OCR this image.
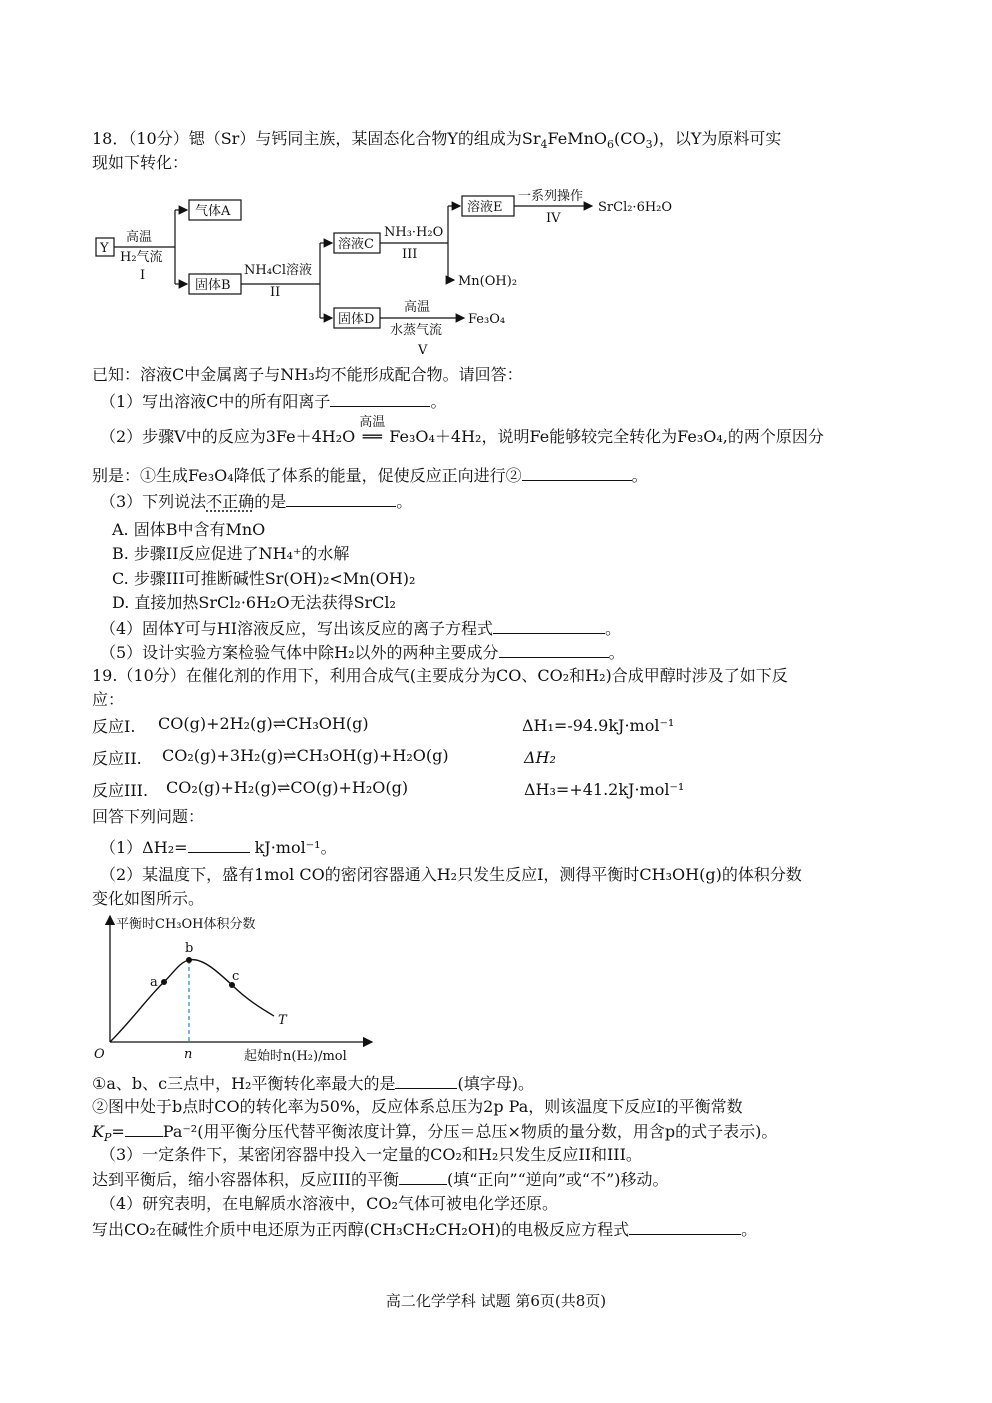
18．（10分）锶（Sr）与钙同主族，某固态化合物Y的组成为$Sr_4FeMnO_6(CO_3)$，以Y为原料可实
现如下转化：
Y
气体A
固体B
溶液C
固体D
溶液E
高温
H₂气流
I	NH₄Cl溶液
II
NH₃·H₂O
III
一系列操作
IV
SrCl₂·6H₂O
Mn(OH)₂
高温
水蒸气流
V
Fe₃O₄
已知：溶液C中金属离子与NH₃均不能形成配合物。请回答：
（1）写出溶液C中的所有阳离子	。
（2）步骤V中的反应为3Fe＋4H₂O
高温
══ Fe₃O₄＋4H₂，说明Fe能够较完全转化为Fe₃O₄,的两个原因分
别是：①生成Fe₃O₄降低了体系的能量，促使反应正向进行②	。
（3）下列说法不正确的是	。
A. 固体B中含有MnO
B. 步骤II反应促进了NH₄⁺的水解
C. 步骤III可推断碱性Sr(OH)₂<Mn(OH)₂
D. 直接加热SrCl₂·6H₂O无法获得SrCl₂
（4）固体Y可与HI溶液反应，写出该反应的离子方程式	。
（5）设计实验方案检验气体中除H₂以外的两种主要成分	。
19.（10分）在催化剂的作用下，利用合成气(主要成分为CO、CO₂和H₂)合成甲醇时涉及了如下反
应：
反应I. CO(g)+2H₂(g)⇌CH₃OH(g)	ΔH₁=-94.9kJ·mol⁻¹
反应II. CO₂(g)+3H₂(g)⇌CH₃OH(g)+H₂O(g)	ΔH₂
反应III. CO₂(g)+H₂(g)⇌CO(g)+H₂O(g)	ΔH₃=+41.2kJ·mol⁻¹
回答下列问题：
（1）ΔH₂=	kJ·mol⁻¹。
（2）某温度下，盛有1mol CO的密闭容器通入H₂只发生反应I，测得平衡时CH₃OH(g)的体积分数
变化如图所示。
平衡时CH₃OH体积分数
起始时n(H₂)/mol
O	n
a
b
c
T
①a、b、c三点中，H₂平衡转化率最大的是	(填字母)。
②图中处于b点时CO的转化率为50%，反应体系总压为2p Pa，则该温度下反应I的平衡常数
$K_P= Pa^{-2}$(用平衡分压代替平衡浓度计算，分压＝总压×物质的量分数，用含p的式子表示)。
（3）一定条件下，某密闭容器中投入一定量的CO₂和H₂只发生反应II和III。
达到平衡后，缩小容器体积，反应III的平衡	(填“正向”“逆向”或“不”)移动。
（4）研究表明，在电解质水溶液中，CO₂气体可被电化学还原。
写出CO₂在碱性介质中电还原为正丙醇(CH₃CH₂CH₂OH)的电极反应方程式	。
高二化学学科 试题 第6页(共8页)
